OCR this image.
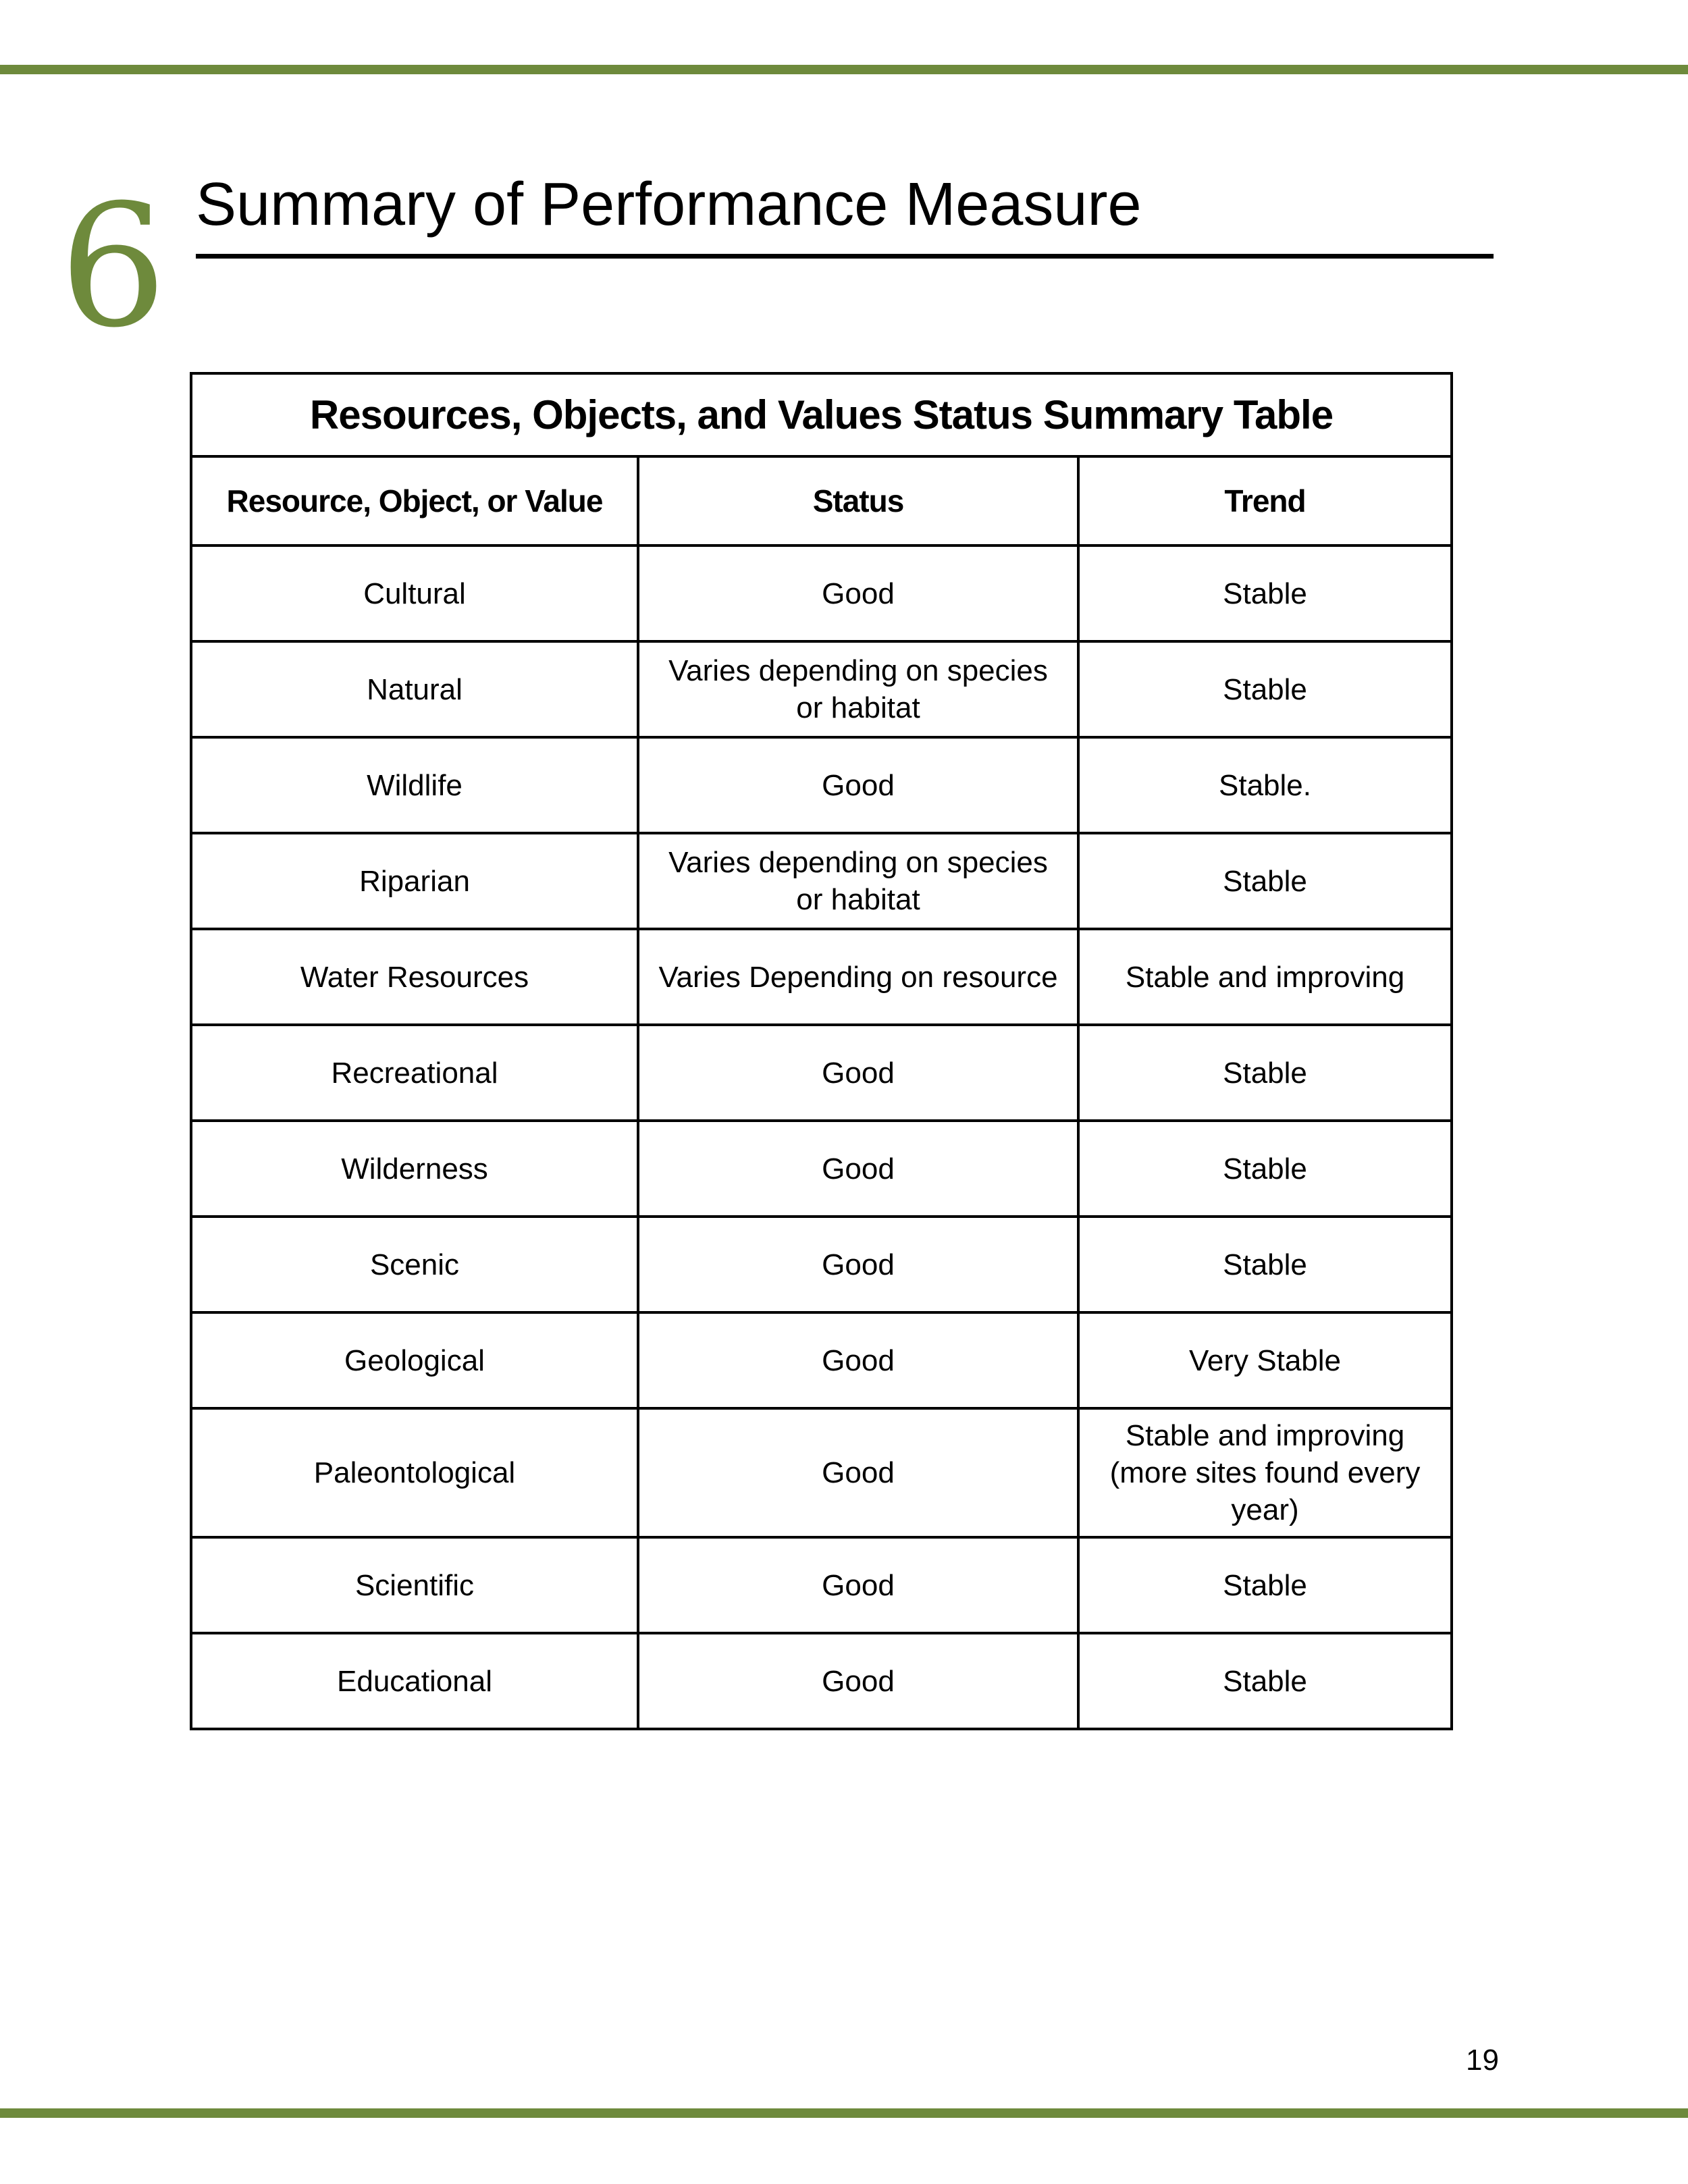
6 Summary of Performance Measure
Resources, Objects, and Values Status Summary Table		
Resource, Object, or Value	Status	Trend
Cultural	Good	Stable
Natural	Varies depending on species or habitat	Stable
Wildlife	Good	Stable.
Riparian	Varies depending on species or habitat	Stable
Water Resources	Varies Depending on resource	Stable and improving
Recreational	Good	Stable
Wilderness	Good	Stable
Scenic	Good	Stable
Geological	Good	Very Stable
Paleontological	Good	Stable and improving (more sites found every year)
Scientific	Good	Stable
Educational	Good	Stable
19
